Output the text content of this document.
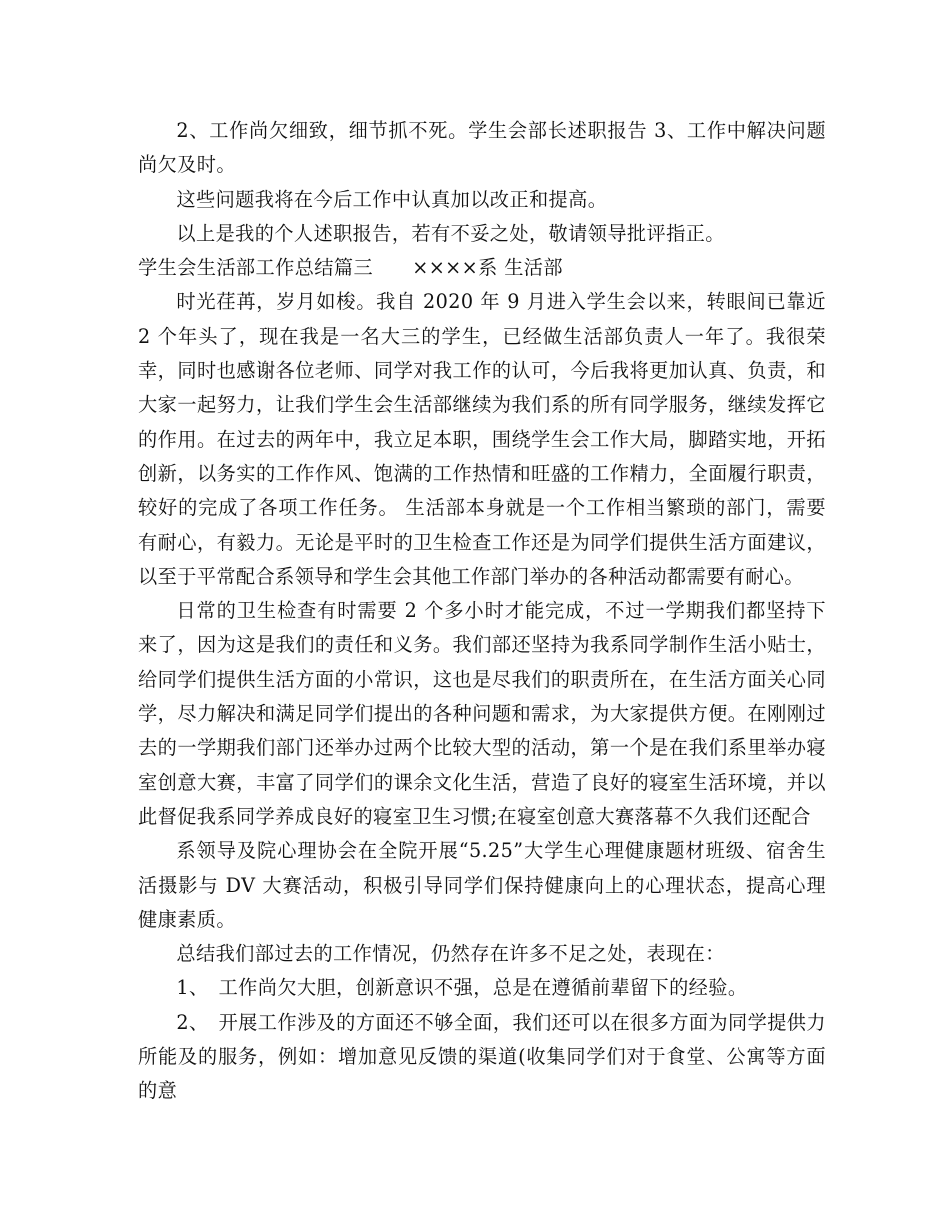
2、工作尚欠细致，细节抓不死。学生会部长述职报告 3、工作中解决问题尚欠及时。

这些问题我将在今后工作中认真加以改正和提高。

以上是我的个人述职报告，若有不妥之处，敬请领导批评指正。

学生会生活部工作总结篇三　　××××系 生活部

时光荏苒，岁月如梭。我自 2020 年 9 月进入学生会以来，转眼间已靠近 2 个年头了，现在我是一名大三的学生，已经做生活部负责人一年了。我很荣幸，同时也感谢各位老师、同学对我工作的认可，今后我将更加认真、负责，和大家一起努力，让我们学生会生活部继续为我们系的所有同学服务，继续发挥它的作用。在过去的两年中，我立足本职，围绕学生会工作大局，脚踏实地，开拓创新，以务实的工作作风、饱满的工作热情和旺盛的工作精力，全面履行职责，较好的完成了各项工作任务。 生活部本身就是一个工作相当繁琐的部门，需要有耐心，有毅力。无论是平时的卫生检查工作还是为同学们提供生活方面建议，以至于平常配合系领导和学生会其他工作部门举办的各种活动都需要有耐心。

日常的卫生检查有时需要 2 个多小时才能完成，不过一学期我们都坚持下来了，因为这是我们的责任和义务。我们部还坚持为我系同学制作生活小贴士，给同学们提供生活方面的小常识，这也是尽我们的职责所在，在生活方面关心同学，尽力解决和满足同学们提出的各种问题和需求，为大家提供方便。在刚刚过去的一学期我们部门还举办过两个比较大型的活动，第一个是在我们系里举办寝室创意大赛，丰富了同学们的课余文化生活，营造了良好的寝室生活环境，并以此督促我系同学养成良好的寝室卫生习惯;在寝室创意大赛落幕不久我们还配合

系领导及院心理协会在全院开展“5.25”大学生心理健康题材班级、宿舍生活摄影与 DV 大赛活动，积极引导同学们保持健康向上的心理状态，提高心理健康素质。

总结我们部过去的工作情况，仍然存在许多不足之处，表现在：

1、　工作尚欠大胆，创新意识不强，总是在遵循前辈留下的经验。

2、　开展工作涉及的方面还不够全面，我们还可以在很多方面为同学提供力所能及的服务，例如：增加意见反馈的渠道(收集同学们对于食堂、公寓等方面的意
